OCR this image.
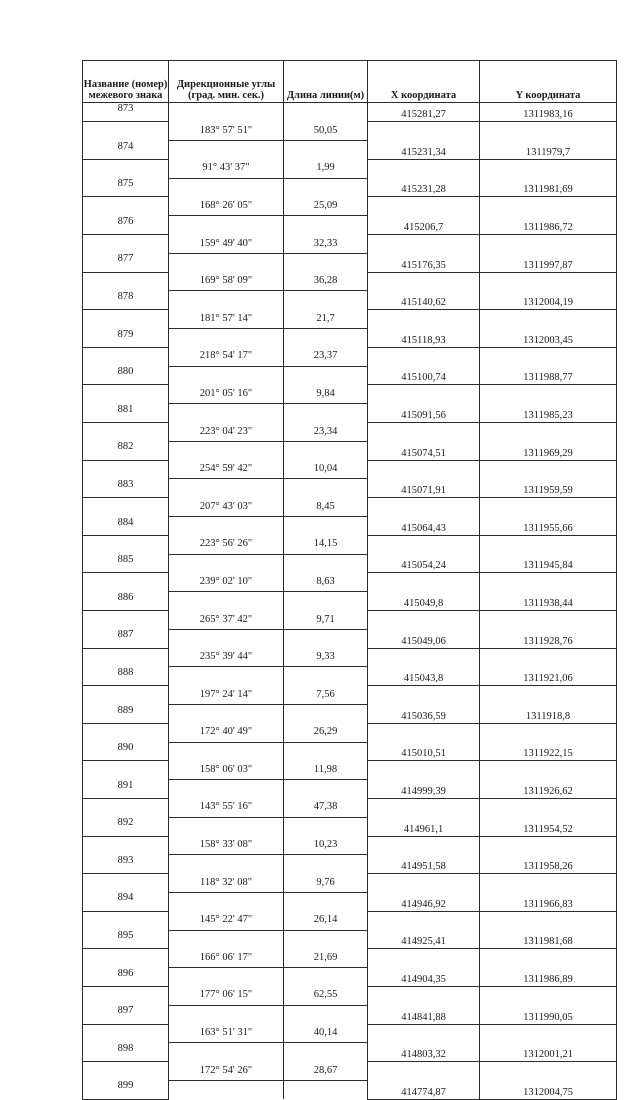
Название (номер) межевого знака	Дирекционные углы (град. мин. сек.)	Длина линии(м)	X координата	Y координата
873			415281,27	1311983,16
	183° 57' 51"	50,05		
874			415231,34	1311979,7
	91° 43' 37"	1,99		
875			415231,28	1311981,69
	168° 26' 05"	25,09		
876			415206,7	1311986,72
	159° 49' 40"	32,33		
877			415176,35	1311997,87
	169° 58' 09"	36,28		
878			415140,62	1312004,19
	181° 57' 14"	21,7		
879			415118,93	1312003,45
	218° 54' 17"	23,37		
880			415100,74	1311988,77
	201° 05' 16"	9,84		
881			415091,56	1311985,23
	223° 04' 23"	23,34		
882			415074,51	1311969,29
	254° 59' 42"	10,04		
883			415071,91	1311959,59
	207° 43' 03"	8,45		
884			415064,43	1311955,66
	223° 56' 26"	14,15		
885			415054,24	1311945,84
	239° 02' 10"	8,63		
886			415049,8	1311938,44
	265° 37' 42"	9,71		
887			415049,06	1311928,76
	235° 39' 44"	9,33		
888			415043,8	1311921,06
	197° 24' 14"	7,56		
889			415036,59	1311918,8
	172° 40' 49"	26,29		
890			415010,51	1311922,15
	158° 06' 03"	11,98		
891			414999,39	1311926,62
	143° 55' 16"	47,38		
892			414961,1	1311954,52
	158° 33' 08"	10,23		
893			414951,58	1311958,26
	118° 32' 08"	9,76		
894			414946,92	1311966,83
	145° 22' 47"	26,14		
895			414925,41	1311981,68
	166° 06' 17"	21,69		
896			414904,35	1311986,89
	177° 06' 15"	62,55		
897			414841,88	1311990,05
	163° 51' 31"	40,14		
898			414803,32	1312001,21
	172° 54' 26"	28,67		
899			414774,87	1312004,75
